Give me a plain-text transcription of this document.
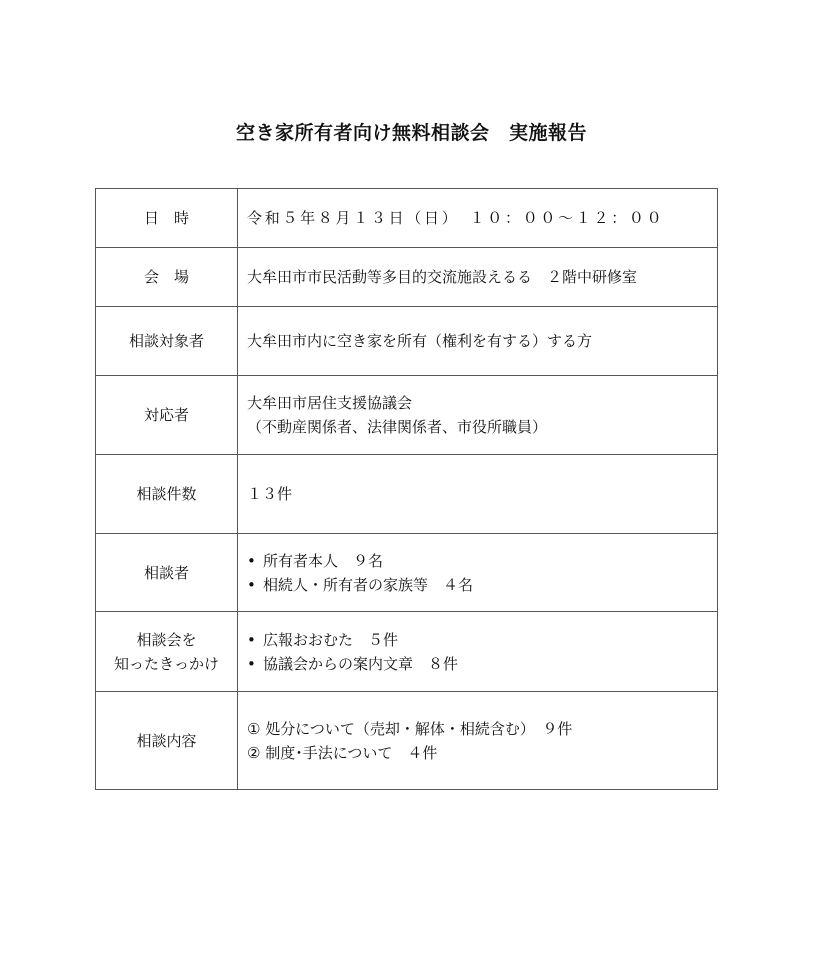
空き家所有者向け無料相談会　実施報告
日　時	令和５年８月１３日（日）　１０：００～１２：００

会　場	大牟田市市民活動等多目的交流施設えるる　２階中研修室

相談対象者	大牟田市内に空き家を所有（権利を有する）する方

対応者	大牟田市居住支援協議会
（不動産関係者、法律関係者、市役所職員）

相談件数	１３件

相談者	• 所有者本人　９名
• 相続人・所有者の家族等　４名

相談会を
知ったきっかけ	• 広報おおむた　５件
• 協議会からの案内文章　８件

相談内容	① 処分について（売却・解体・相続含む）　９件
② 制度･手法について　４件
